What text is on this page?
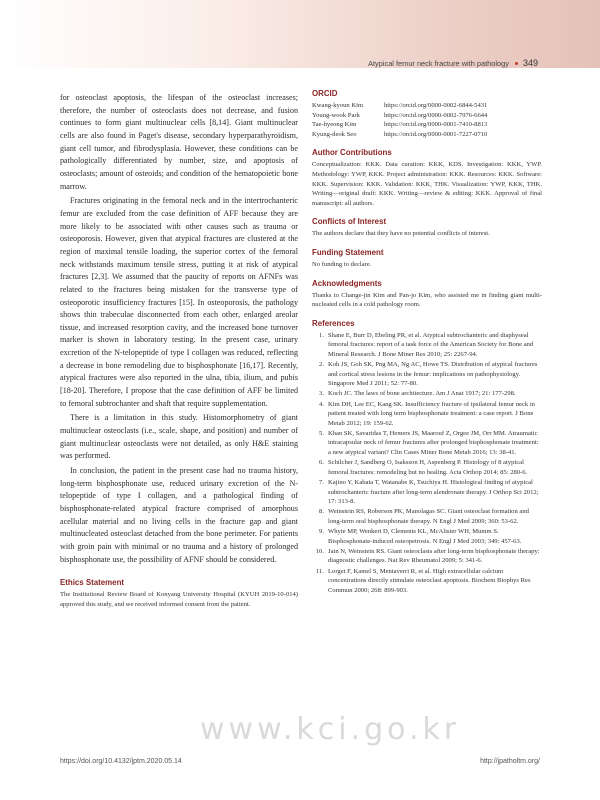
Atypical femur neck fracture with pathology 349

for osteoclast apoptosis, the lifespan of the osteoclast increases; therefore, the number of osteoclasts does not decrease, and fusion continues to form giant multinuclear cells [8,14]. Giant multinuclear cells are also found in Paget's disease, secondary hyperparathyroidism, giant cell tumor, and fibrodysplasia. However, these conditions can be pathologically differentiated by number, size, and apoptosis of osteoclasts; amount of osteoids; and condition of the hematopoietic bone marrow.

Fractures originating in the femoral neck and in the intertrochanteric femur are excluded from the case definition of AFF because they are more likely to be associated with other causes such as trauma or osteoporosis. However, given that atypical fractures are clustered at the region of maximal tensile loading, the superior cortex of the femoral neck withstands maximum tensile stress, putting it at risk of atypical fractures [2,3]. We assumed that the paucity of reports on AFNFs was related to the fractures being mistaken for the transverse type of osteoporotic insufficiency fractures [15]. In osteoporosis, the pathology shows thin trabeculae disconnected from each other, enlarged areolar tissue, and increased resorption cavity, and the increased bone turnover marker is shown in laboratory testing. In the present case, urinary excretion of the N-telopeptide of type I collagen was reduced, reflecting a decrease in bone remodeling due to bisphosphonate [16,17]. Recently, atypical fractures were also reported in the ulna, tibia, ilium, and pubis [18-20]. Therefore, I propose that the case definition of AFF be limited to femoral subtrochanter and shaft that require supplementation.

There is a limitation in this study. Histomorphometry of giant multinuclear osteoclasts (i.e., scale, shape, and position) and number of giant multinuclear osteoclasts were not detailed, as only H&E staining was performed.

In conclusion, the patient in the present case had no trauma history, long-term bisphosphonate use, reduced urinary excretion of the N-telopeptide of type I collagen, and a pathological finding of bisphosphonate-related atypical fracture comprised of amorphous acellular material and no living cells in the fracture gap and giant multinucleated osteoclast detached from the bone perimeter. For patients with groin pain with minimal or no trauma and a history of prolonged bisphosphonate use, the possibility of AFNF should be considered.

Ethics Statement

The Institutional Review Board of Konyang University Hospital (KYUH 2019-10-014) approved this study, and we received informed consent from the patient.

ORCID
Kwang-kyoun Kim	https://orcid.org/0000-0002-6844-5431
Young-wook Park	https://orcid.org/0000-0002-7976-6644
Tae-hyeong Kim	https://orcid.org/0000-0001-7410-8813
Kyung-deok Seo	https://orcid.org/0000-0001-7227-0710
Author Contributions

Conceptualization: KKK. Data curation: KKK, KDS. Investigation: KKK, YWP. Methodology: YWP, KKK. Project administration: KKK. Resources: KKK. Software: KKK. Supervision: KKK. Validation: KKK, THK. Visualization: YWP, KKK, THK. Writing—original draft: KKK. Writing—review & editing: KKK. Approval of final manuscript: all authors.

Conflicts of Interest

The authors declare that they have no potential conflicts of interest.

Funding Statement

No funding to declare.

Acknowledgments

Thanks to Change-jin Kim and Pan-jo Kim, who assisted me in finding giant multi-nucleated cells in a cold pathology room.

References
1. Shane E, Burr D, Ebeling PR, et al. Atypical subtrochanteric and diaphyseal femoral fractures: report of a task force of the American Society for Bone and Mineral Research. J Bone Miner Res 2010; 25: 2267-94.
2. Koh JS, Goh SK, Png MA, Ng AC, Howe TS. Distribution of atypical fractures and cortical stress lesions in the femur: implications on pathophysiology. Singapore Med J 2011; 52: 77-80.
3. Koch JC. The laws of bone architecture. Am J Anat 1917; 21: 177-298.
4. Kim DH, Lee EC, Kang SK. Insufficiency fracture of ipsilateral femur neck in patient treated with long term bisphosphonate treatment: a case report. J Bone Metab 2012; 19: 159-62.
5. Khan SK, Savaridas T, Hemers JS, Maarouf Z, Orgee JM, Orr MM. Atraumatic intracapsular neck of femur fractures after prolonged bisphosphonate treatment: a new atypical variant? Clin Cases Miner Bone Metab 2016; 13: 38-41.
6. Schilcher J, Sandberg O, Isaksson H, Aspenberg P. Histology of 8 atypical femoral fractures: remodeling but no healing. Acta Orthop 2014; 85: 280-6.
7. Kajino Y, Kabata T, Watanabe K, Tsuchiya H. Histological finding of atypical subtrochanteric fracture after long-term alendronate therapy. J Orthop Sci 2012; 17: 313-8.
8. Weinstein RS, Roberson PK, Manolagas SC. Giant osteoclast formation and long-term oral bisphosphonate therapy. N Engl J Med 2009; 360: 53-62.
9. Whyte MP, Wenkert D, Clements KL, McAlister WH, Mumm S. Bisphosphonate-induced osteopetrosis. N Engl J Med 2003; 349: 457-63.
10. Jain N, Weinstein RS. Giant osteoclasts after long-term bisphosphonate therapy: diagnostic challenges. Nat Rev Rheumatol 2009; 5: 341-6.
11. Lorget F, Kamel S, Mentaverri R, et al. High extracellular calcium concentrations directly stimulate osteoclast apoptosis. Biochem Biophys Res Commun 2000; 268: 899-903.
www.kci.go.kr
https://doi.org/10.4132/jptm.2020.05.14	http://jpatholtm.org/
